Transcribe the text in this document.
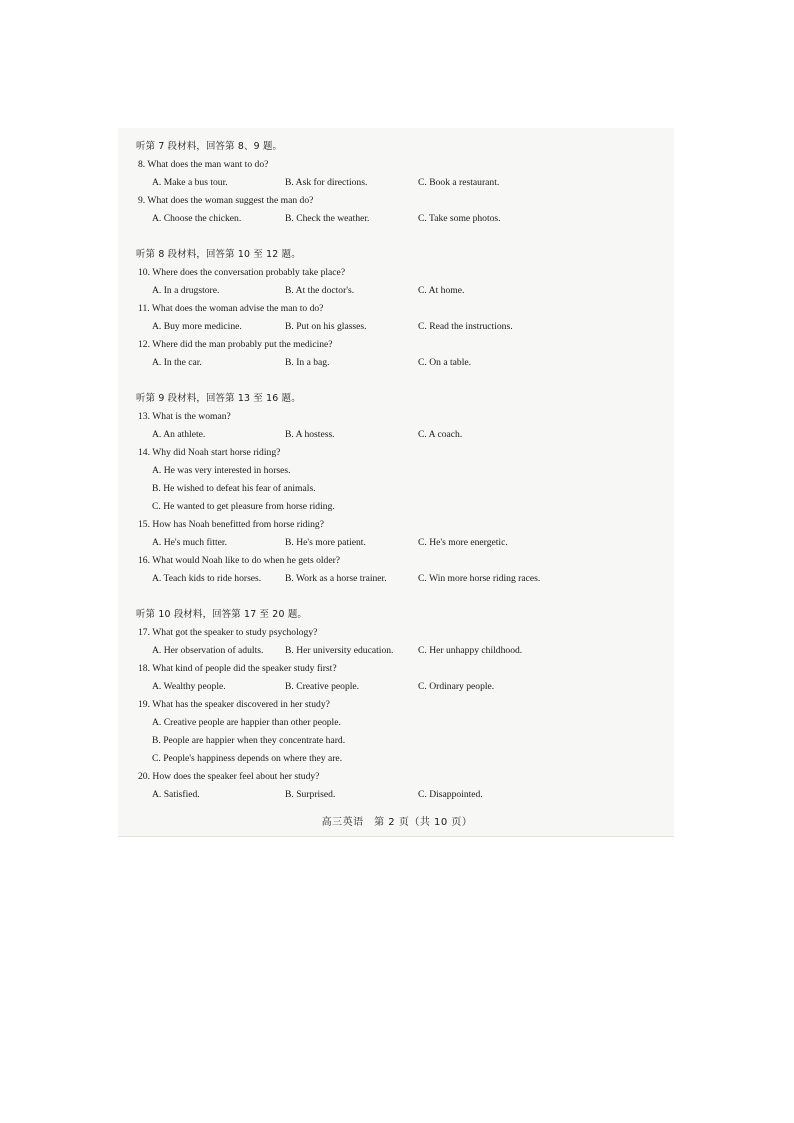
听第 7 段材料，回答第 8、9 题。
8. What does the man want to do?
A. Make a bus tour.	B. Ask for directions.	C. Book a restaurant.
9. What does the woman suggest the man do?
A. Choose the chicken.	B. Check the weather.	C. Take some photos.
听第 8 段材料，回答第 10 至 12 题。
10. Where does the conversation probably take place?
A. In a drugstore.	B. At the doctor's.	C. At home.
11. What does the woman advise the man to do?
A. Buy more medicine.	B. Put on his glasses.	C. Read the instructions.
12. Where did the man probably put the medicine?
A. In the car.	B. In a bag.	C. On a table.
听第 9 段材料，回答第 13 至 16 题。
13. What is the woman?
A. An athlete.	B. A hostess.	C. A coach.
14. Why did Noah start horse riding?
A. He was very interested in horses.
B. He wished to defeat his fear of animals.
C. He wanted to get pleasure from horse riding.
15. How has Noah benefitted from horse riding?
A. He's much fitter.	B. He's more patient.	C. He's more energetic.
16. What would Noah like to do when he gets older?
A. Teach kids to ride horses.	B. Work as a horse trainer.	C. Win more horse riding races.
听第 10 段材料，回答第 17 至 20 题。
17. What got the speaker to study psychology?
A. Her observation of adults.	B. Her university education.	C. Her unhappy childhood.
18. What kind of people did the speaker study first?
A. Wealthy people.	B. Creative people.	C. Ordinary people.
19. What has the speaker discovered in her study?
A. Creative people are happier than other people.
B. People are happier when they concentrate hard.
C. People's happiness depends on where they are.
20. How does the speaker feel about her study?
A. Satisfied.	B. Surprised.	C. Disappointed.
高三英语　第 2 页（共 10 页）
